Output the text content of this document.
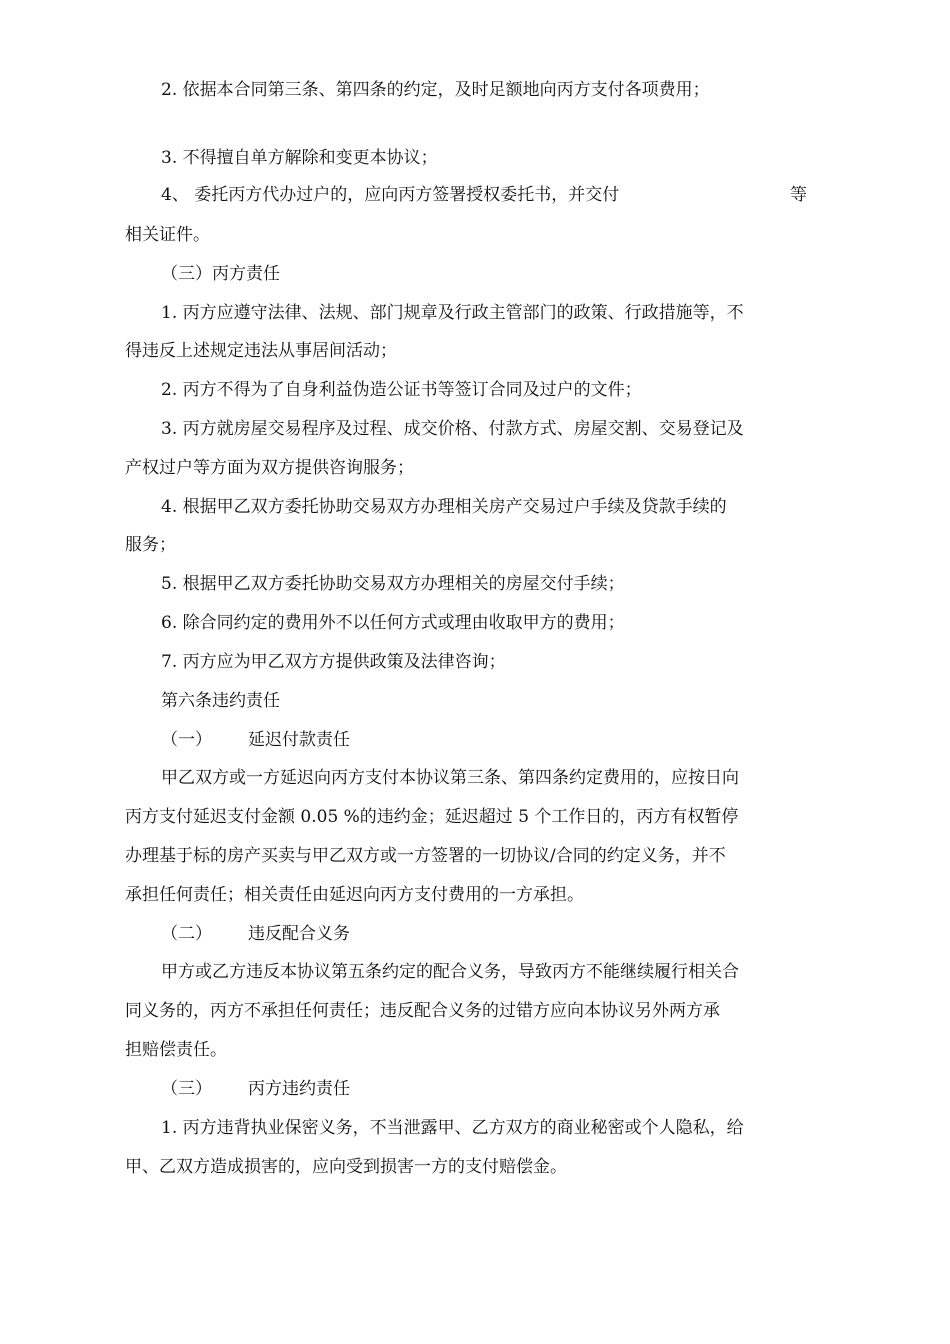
2. 依据本合同第三条、第四条的约定，及时足额地向丙方支付各项费用；
3. 不得擅自单方解除和变更本协议；
4、 委托丙方代办过户的，应向丙方签署授权委托书，并交付	等
相关证件。
（三）丙方责任
1. 丙方应遵守法律、法规、部门规章及行政主管部门的政策、行政措施等，不
得违反上述规定违法从事居间活动；
2. 丙方不得为了自身利益伪造公证书等签订合同及过户的文件；
3. 丙方就房屋交易程序及过程、成交价格、付款方式、房屋交割、交易登记及
产权过户等方面为双方提供咨询服务；
4. 根据甲乙双方委托协助交易双方办理相关房产交易过户手续及贷款手续的
服务；
5. 根据甲乙双方委托协助交易双方办理相关的房屋交付手续；
6. 除合同约定的费用外不以任何方式或理由收取甲方的费用；
7. 丙方应为甲乙双方方提供政策及法律咨询；
第六条违约责任
（一） 延迟付款责任
甲乙双方或一方延迟向丙方支付本协议第三条、第四条约定费用的，应按日向
丙方支付延迟支付金额 0.05 %的违约金；延迟超过 5 个工作日的，丙方有权暂停
办理基于标的房产买卖与甲乙双方或一方签署的一切协议/合同的约定义务，并不
承担任何责任；相关责任由延迟向丙方支付费用的一方承担。
（二） 违反配合义务
甲方或乙方违反本协议第五条约定的配合义务，导致丙方不能继续履行相关合
同义务的，丙方不承担任何责任；违反配合义务的过错方应向本协议另外两方承
担赔偿责任。
（三） 丙方违约责任
1. 丙方违背执业保密义务，不当泄露甲、乙方双方的商业秘密或个人隐私，给
甲、乙双方造成损害的，应向受到损害一方的支付赔偿金。
